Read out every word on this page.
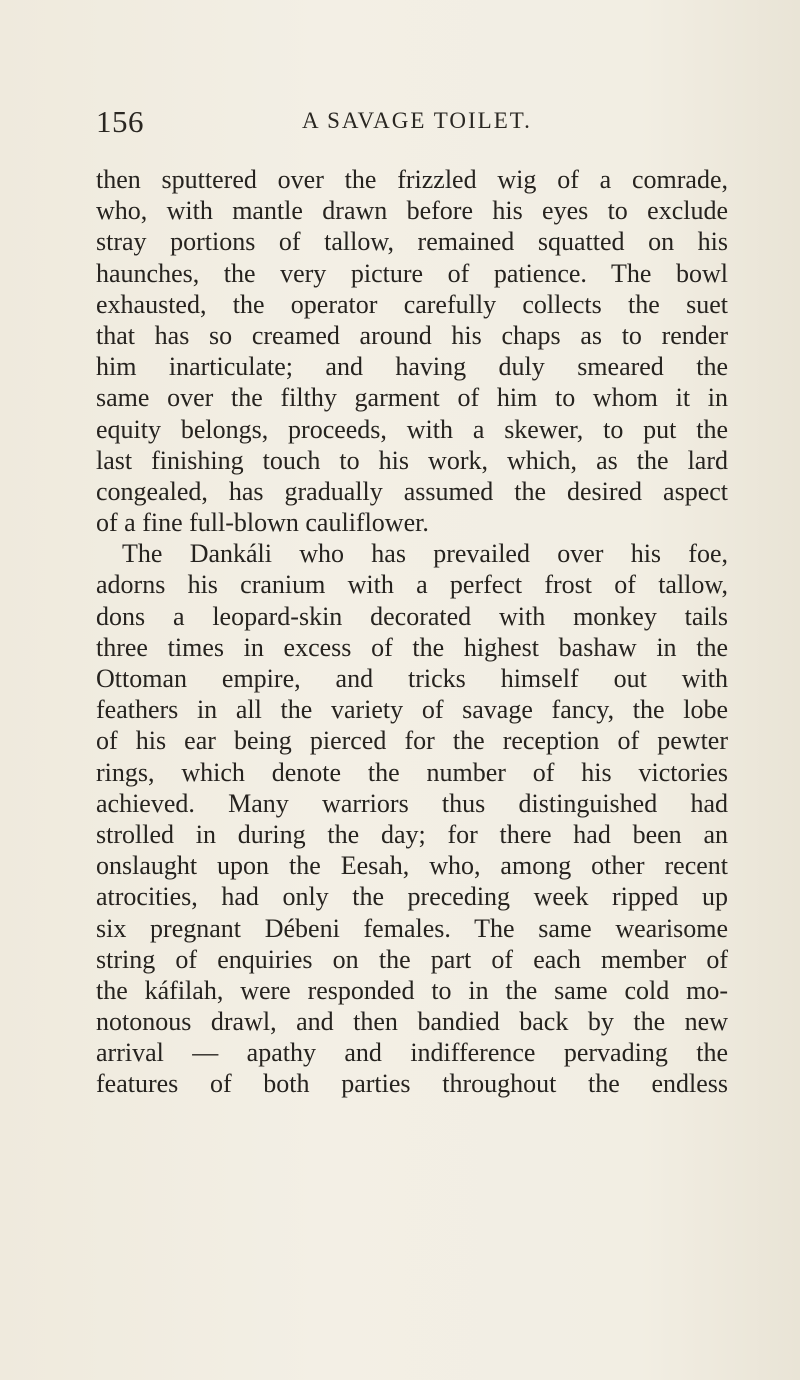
156	A SAVAGE TOILET.
then sputtered over the frizzled wig of a comrade,
who, with mantle drawn before his eyes to exclude
stray portions of tallow, remained squatted on his
haunches, the very picture of patience. The bowl
exhausted, the operator carefully collects the suet
that has so creamed around his chaps as to render
him inarticulate; and having duly smeared the
same over the filthy garment of him to whom it in
equity belongs, proceeds, with a skewer, to put the
last finishing touch to his work, which, as the lard
congealed, has gradually assumed the desired aspect
of a fine full-blown cauliflower.
The Dankáli who has prevailed over his foe,
adorns his cranium with a perfect frost of tallow,
dons a leopard-skin decorated with monkey tails
three times in excess of the highest bashaw in the
Ottoman empire, and tricks himself out with
feathers in all the variety of savage fancy, the lobe
of his ear being pierced for the reception of pewter
rings, which denote the number of his victories
achieved. Many warriors thus distinguished had
strolled in during the day; for there had been an
onslaught upon the Eesah, who, among other recent
atrocities, had only the preceding week ripped up
six pregnant Débeni females. The same wearisome
string of enquiries on the part of each member of
the káfilah, were responded to in the same cold mo-
notonous drawl, and then bandied back by the new
arrival — apathy and indifference pervading the
features of both parties throughout the endless
